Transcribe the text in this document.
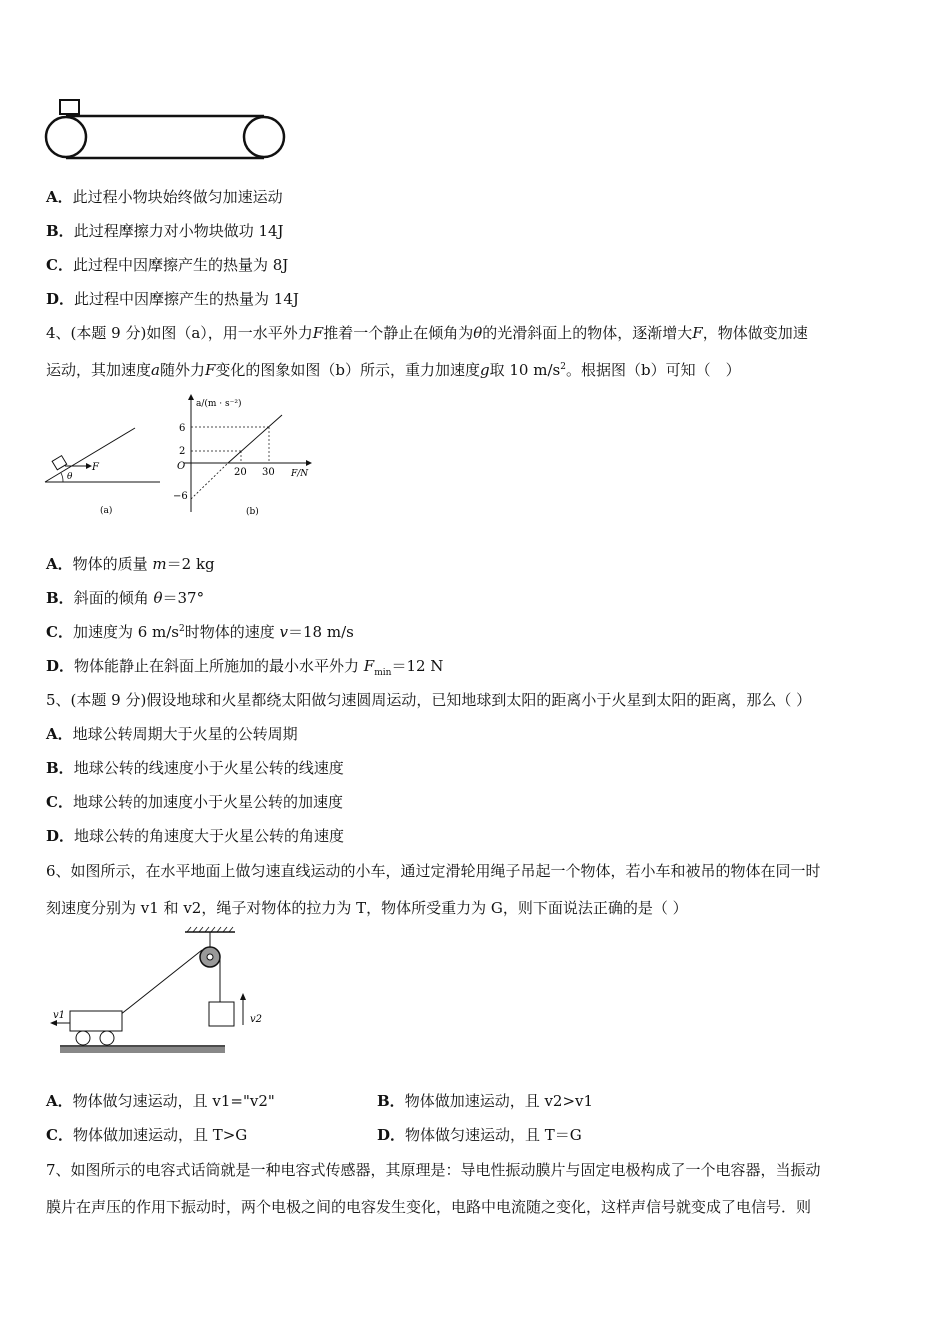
A．此过程小物块始终做匀加速运动
B．此过程摩擦力对小物块做功 14J
C．此过程中因摩擦产生的热量为 8J
D．此过程中因摩擦产生的热量为 14J
4、(本题 9 分)如图（a），用一水平外力F推着一个静止在倾角为θ的光滑斜面上的物体，逐渐增大F，物体做变加速
运动，其加速度a随外力F变化的图象如图（b）所示，重力加速度g取 10 $m/s^2$。根据图（b）可知（　）
F
θ
(a)
a/(m · s⁻²)
F/N
O
6
2
−6
20 30
(b)
A．物体的质量 m＝2 kg
B．斜面的倾角 θ＝37°
C．加速度为 6 $m/s^2$时物体的速度 v＝18 m/s
D．物体能静止在斜面上所施加的最小水平外力 $F_{min}=12$ N
5、(本题 9 分)假设地球和火星都绕太阳做匀速圆周运动，已知地球到太阳的距离小于火星到太阳的距离，那么（ ）
A．地球公转周期大于火星的公转周期
B．地球公转的线速度小于火星公转的线速度
C．地球公转的加速度小于火星公转的加速度
D．地球公转的角速度大于火星公转的角速度
6、如图所示，在水平地面上做匀速直线运动的小车，通过定滑轮用绳子吊起一个物体，若小车和被吊的物体在同一时
刻速度分别为 v1 和 v2，绳子对物体的拉力为 T，物体所受重力为 G，则下面说法正确的是（ ）
v2
v1
A．物体做匀速运动，且 v1="v2"	B．物体做加速运动，且 v2>v1
C．物体做加速运动，且 T>G	D．物体做匀速运动，且 T＝G
7、如图所示的电容式话筒就是一种电容式传感器，其原理是：导电性振动膜片与固定电极构成了一个电容器，当振动
膜片在声压的作用下振动时，两个电极之间的电容发生变化，电路中电流随之变化，这样声信号就变成了电信号．则
